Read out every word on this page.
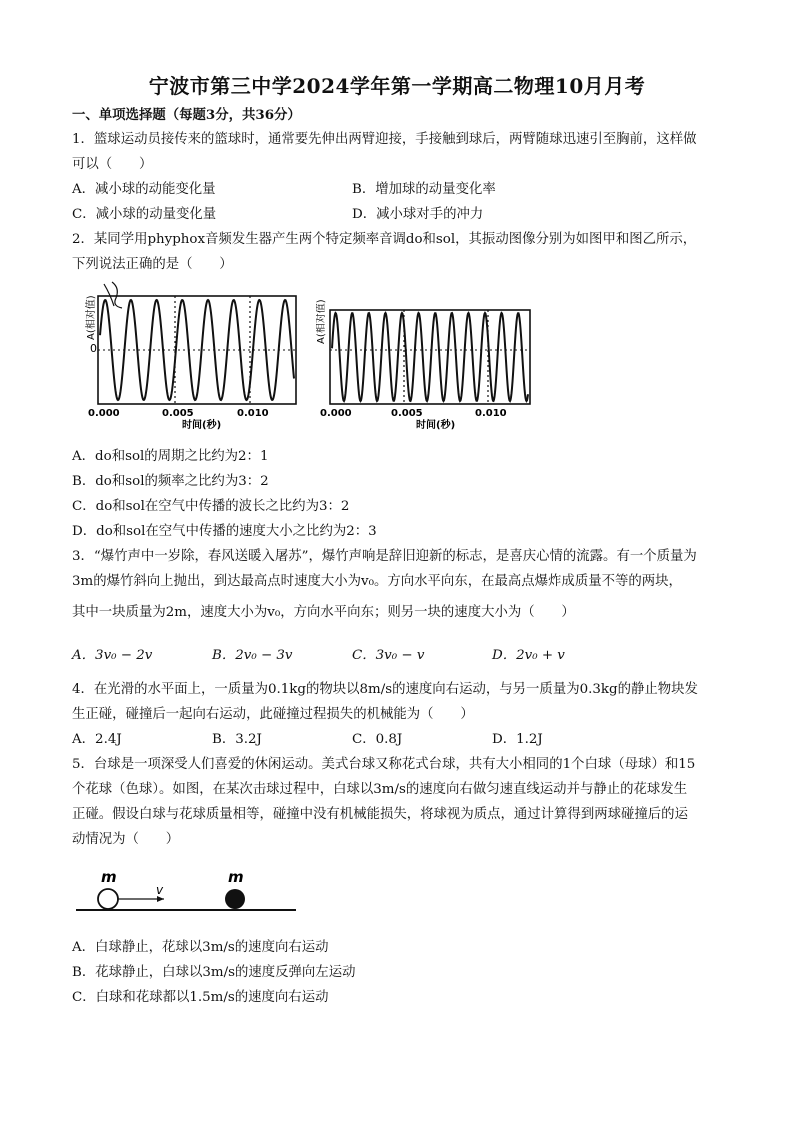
宁波市第三中学2024学年第一学期高二物理10月月考
一、单项选择题（每题3分，共36分）
1．篮球运动员接传来的篮球时，通常要先伸出两臂迎接，手接触到球后，两臂随球迅速引至胸前，这样做
可以（　　）
A．减小球的动能变化量	B．增加球的动量变化率
C．减小球的动量变化量	D．减小球对手的冲力
2．某同学用phyphox音频发生器产生两个特定频率音调do和sol，其振动图像分别为如图甲和图乙所示，
下列说法正确的是（　　）
0
A(相对值)
0.000	0.005	0.010
时间(秒)
A(相对值)
0.000	0.005	0.010
时间(秒)
A．do和sol的周期之比约为2：1
B．do和sol的频率之比约为3：2
C．do和sol在空气中传播的波长之比约为3：2
D．do和sol在空气中传播的速度大小之比约为2：3
3．“爆竹声中一岁除，春风送暖入屠苏”，爆竹声响是辞旧迎新的标志，是喜庆心情的流露。有一个质量为
3m的爆竹斜向上抛出，到达最高点时速度大小为v₀。方向水平向东，在最高点爆炸成质量不等的两块，
其中一块质量为2m，速度大小为v₀，方向水平向东；则另一块的速度大小为（　　）
A．3v₀ − 2v	B．2v₀ − 3v	C．3v₀ − v	D．2v₀ + v
4．在光滑的水平面上，一质量为0.1kg的物块以8m/s的速度向右运动，与另一质量为0.3kg的静止物块发
生正碰，碰撞后一起向右运动，此碰撞过程损失的机械能为（　　）
A．2.4J	B．3.2J	C．0.8J	D．1.2J
5．台球是一项深受人们喜爱的休闲运动。美式台球又称花式台球，共有大小相同的1个白球（母球）和15
个花球（色球）。如图，在某次击球过程中，白球以3m/s的速度向右做匀速直线运动并与静止的花球发生
正碰。假设白球与花球质量相等，碰撞中没有机械能损失，将球视为质点，通过计算得到两球碰撞后的运
动情况为（　　）
m
v
m
A．白球静止，花球以3m/s的速度向右运动
B．花球静止，白球以3m/s的速度反弹向左运动
C．白球和花球都以1.5m/s的速度向右运动
